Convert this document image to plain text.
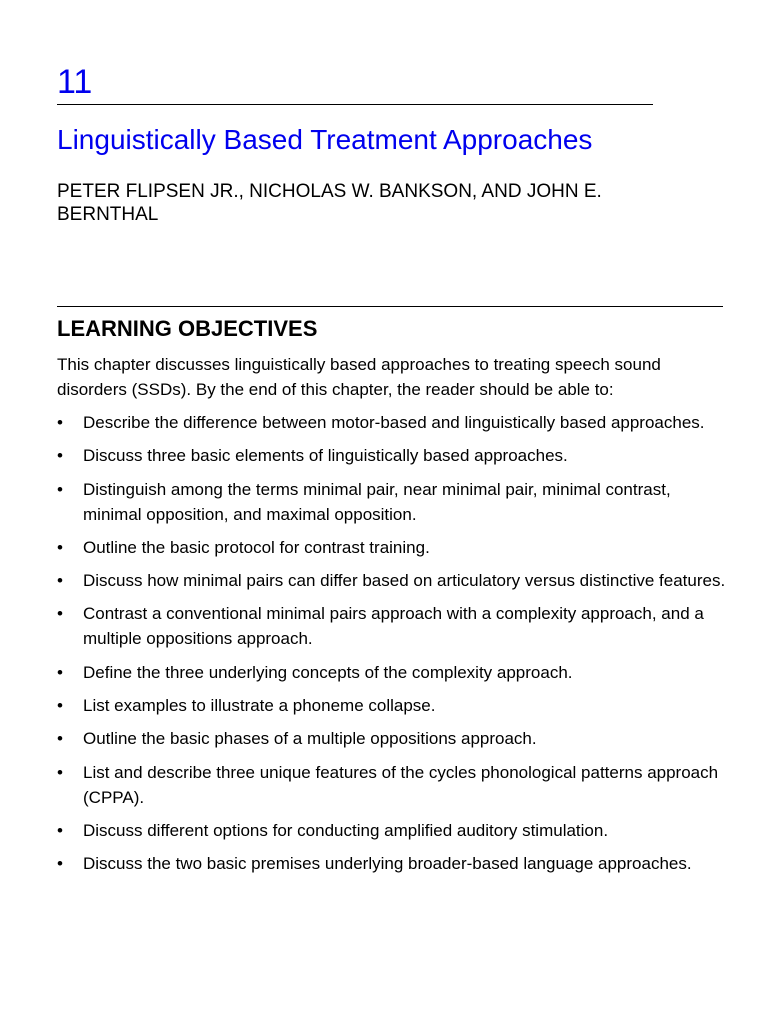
11
Linguistically Based Treatment Approaches
PETER FLIPSEN JR., NICHOLAS W. BANKSON, AND JOHN E. BERNTHAL
LEARNING OBJECTIVES
This chapter discusses linguistically based approaches to treating speech sound disorders (SSDs). By the end of this chapter, the reader should be able to:
•	Describe the difference between motor-based and linguistically based approaches.
•	Discuss three basic elements of linguistically based approaches.
•	Distinguish among the terms minimal pair, near minimal pair, minimal contrast, minimal opposition, and maximal opposition.
•	Outline the basic protocol for contrast training.
•	Discuss how minimal pairs can differ based on articulatory versus distinctive features.
•	Contrast a conventional minimal pairs approach with a complexity approach, and a multiple oppositions approach.
•	Define the three underlying concepts of the complexity approach.
•	List examples to illustrate a phoneme collapse.
•	Outline the basic phases of a multiple oppositions approach.
•	List and describe three unique features of the cycles phonological patterns approach (CPPA).
•	Discuss different options for conducting amplified auditory stimulation.
•	Discuss the two basic premises underlying broader-based language approaches.
